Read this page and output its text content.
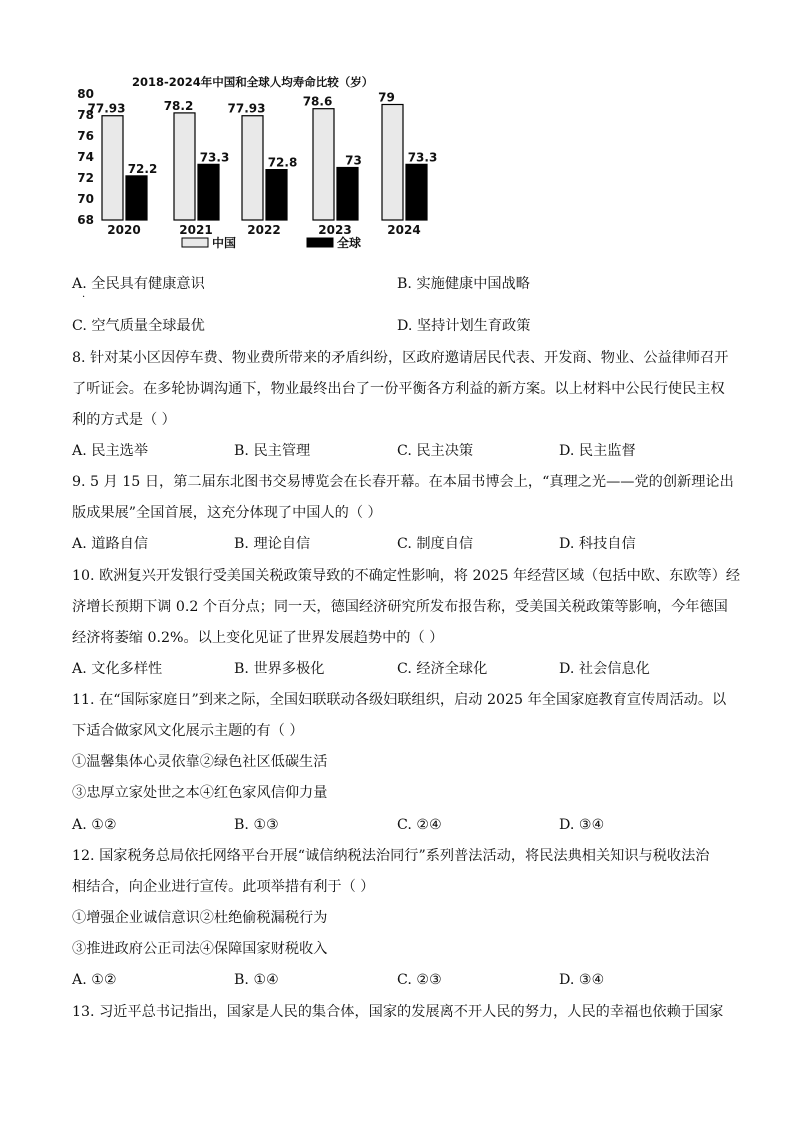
80
78
76
74
72
70
68
77.93
72.2
2020
78.2
73.3
2021
77.93
72.8
2022
78.6
73
2023
79
73.3
2024
中国	全球
2018-2024年中国和全球人均寿命比较（岁）
A. 全民具有健康意识
·
B. 实施健康中国战略
C. 空气质量全球最优	D. 坚持计划生育政策
8. 针对某小区因停车费、物业费所带来的矛盾纠纷，区政府邀请居民代表、开发商、物业、公益律师召开
了听证会。在多轮协调沟通下，物业最终出台了一份平衡各方利益的新方案。以上材料中公民行使民主权
利的方式是（ ）
A. 民主选举	B. 民主管理	C. 民主决策	D. 民主监督
9. 5 月 15 日，第二届东北图书交易博览会在长春开幕。在本届书博会上，“真理之光——党的创新理论出
版成果展”全国首展，这充分体现了中国人的（ ）
A. 道路自信	B. 理论自信	C. 制度自信	D. 科技自信
10. 欧洲复兴开发银行受美国关税政策导致的不确定性影响，将 2025 年经营区域（包括中欧、东欧等）经
济增长预期下调 0.2 个百分点；同一天，德国经济研究所发布报告称，受美国关税政策等影响，今年德国
经济将萎缩 0.2%。以上变化见证了世界发展趋势中的（ ）
A. 文化多样性	B. 世界多极化	C. 经济全球化	D. 社会信息化
11. 在“国际家庭日”到来之际，全国妇联联动各级妇联组织，启动 2025 年全国家庭教育宣传周活动。以
下适合做家风文化展示主题的有（ ）
①温馨集体心灵依靠②绿色社区低碳生活
③忠厚立家处世之本④红色家风信仰力量
A. ①②	B. ①③	C. ②④	D. ③④
12. 国家税务总局依托网络平台开展“诚信纳税法治同行”系列普法活动，将民法典相关知识与税收法治
相结合，向企业进行宣传。此项举措有利于（ ）
①增强企业诚信意识②杜绝偷税漏税行为
③推进政府公正司法④保障国家财税收入
A. ①②	B. ①④	C. ②③	D. ③④
13. 习近平总书记指出，国家是人民的集合体，国家的发展离不开人民的努力，人民的幸福也依赖于国家
